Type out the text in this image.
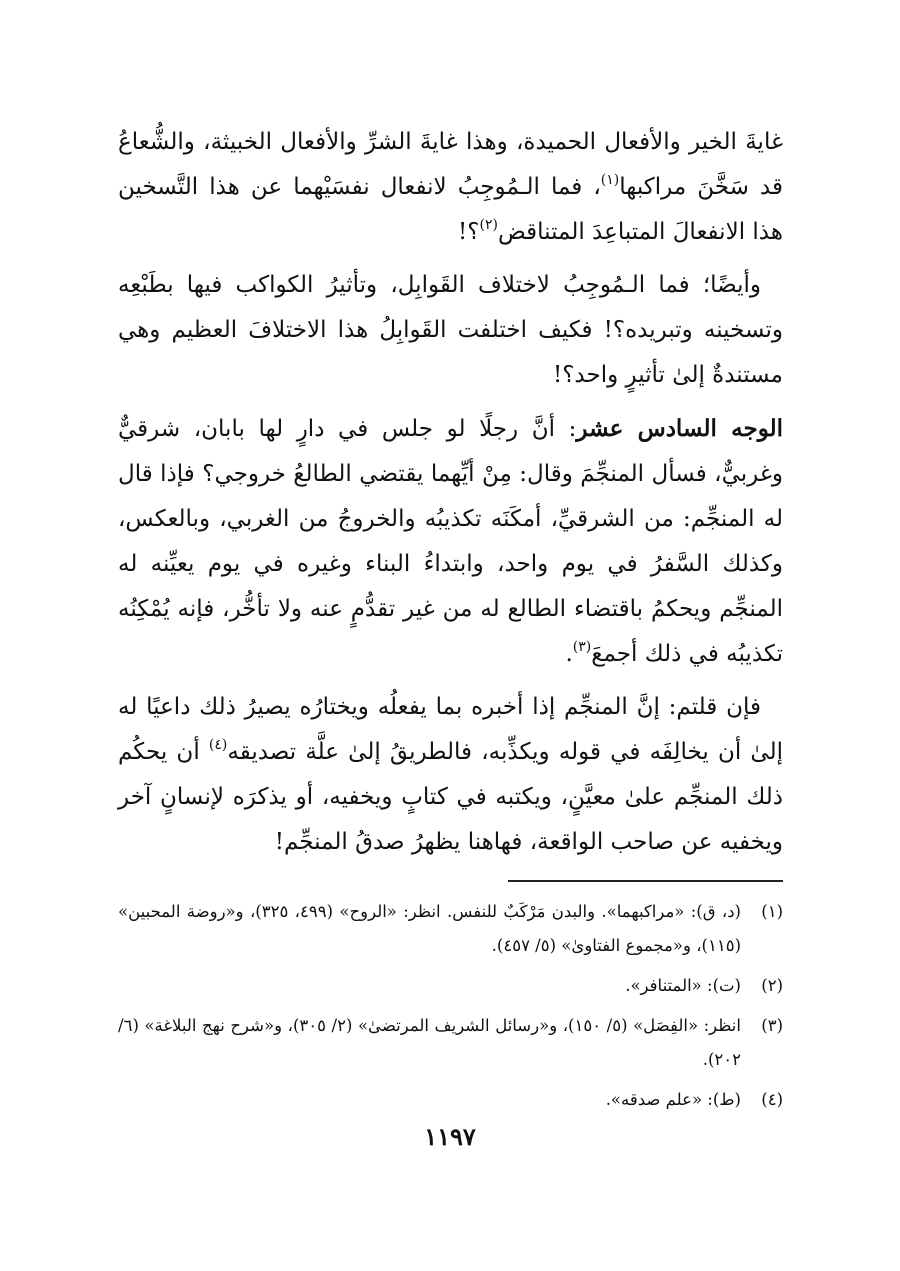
غايةَ الخير والأفعال الحميدة، وهذا غايةَ الشرِّ والأفعال الخبيثة، والشُّعاعُ قد سَخَّنَ مراكبها$^{(١)}$، فما الـمُوجِبُ لانفعال نفسَيْهما عن هذا التَّسخين هذا الانفعالَ المتباعِدَ المتناقض$^{(٢)}$؟!

وأيضًا؛ فما الـمُوجِبُ لاختلاف القَوابِل، وتأثيرُ الكواكب فيها بطَبْعِه وتسخينه وتبريده؟! فكيف اختلفت القَوابِلُ هذا الاختلافَ العظيم وهي مستندةٌ إلىٰ تأثيرٍ واحد؟!

الوجه السادس عشر: أنَّ رجلًا لو جلس في دارٍ لها بابان، شرقيٌّ وغربيٌّ، فسأل المنجِّمَ وقال: مِنْ أيِّهما يقتضي الطالعُ خروجي؟ فإذا قال له المنجِّم: من الشرقيِّ، أمكَنَه تكذيبُه والخروجُ من الغربي، وبالعكس، وكذلك السَّفرُ في يوم واحد، وابتداءُ البناء وغيره في يوم يعيِّنه له المنجِّم ويحكمُ باقتضاء الطالع له من غير تقدُّمٍ عنه ولا تأخُّر، فإنه يُمْكِنُه تكذيبُه في ذلك أجمعَ$^{(٣)}$.

فإن قلتم: إنَّ المنجِّم إذا أخبره بما يفعلُه ويختارُه يصيرُ ذلك داعيًا له إلىٰ أن يخالِفَه في قوله ويكذِّبه، فالطريقُ إلىٰ علَّة تصديقه$^{(٤)}$ أن يحكُم ذلك المنجِّم علىٰ معيَّنٍ، ويكتبه في كتابٍ ويخفيه، أو يذكرَه لإنسانٍ آخر ويخفيه عن صاحب الواقعة، فهاهنا يظهرُ صدقُ المنجِّم!

(١)
(د، ق): «مراكبهما». والبدن مَرْكَبٌ للنفس. انظر: «الروح» (٤٩٩، ٣٢٥)، و«روضة المحبين» (١١٥)، و«مجموع الفتاوىٰ» (٥/ ٤٥٧).
(٢)
(ت): «المتنافر».
(٣)
انظر: «الفِصَل» (٥/ ١٥٠)، و«رسائل الشريف المرتضىٰ» (٢/ ٣٠٥)، و«شرح نهج البلاغة» (٦/ ٢٠٢).
(٤)
(ط): «علم صدقه».
١١٩٧
